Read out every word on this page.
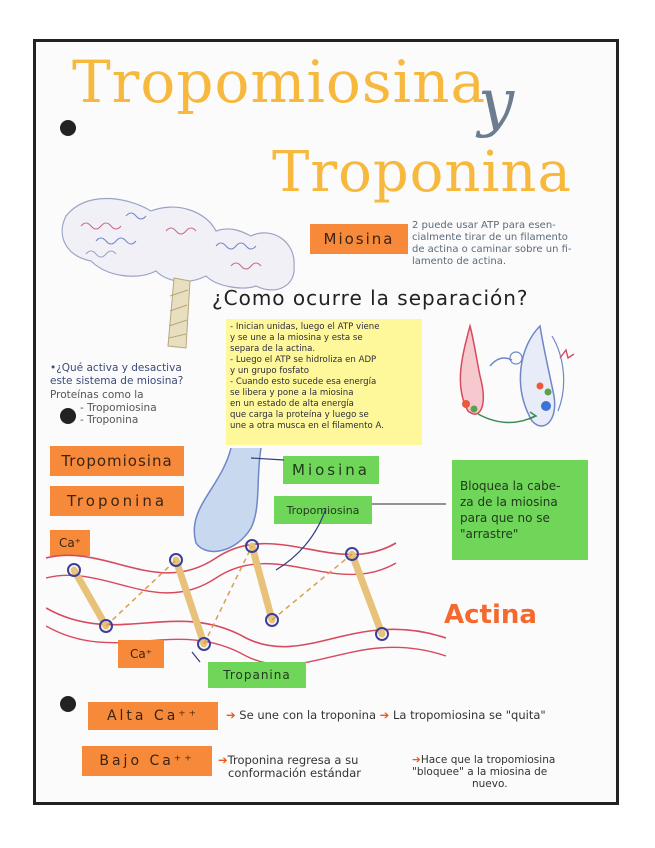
Tropomiosina
y
Troponina
Miosina
2 puede usar ATP para esen-
cialmente tirar de un filamento
de actina o caminar sobre un fi-
lamento de actina.
¿Como ocurre la separación?
- Inician unidas, luego el ATP viene
y se une a la miosina y esta se
separa de la actina.
- Luego el ATP se hidroliza en ADP
y un grupo fosfato
- Cuando esto sucede esa energía
se libera y pone a la miosina
en un estado de alta energía
que carga la proteína y luego se
une a otra musca en el filamento A.
•¿Qué activa y desactiva
este sistema de miosina?
Proteínas como la
- Tropomiosina
- Troponina
Tropomiosina
Troponina
Ca⁺
Miosina
Tropomiosina
Bloquea la cabe-
za de la miosina
para que no se
"arrastre"
Actina
Ca⁺
Tropanina
Alta Ca⁺⁺	➔ Se une con la troponina ➔ La tropomiosina se "quita"
Bajo Ca⁺⁺	➔Troponina regresa a su
conformación estándar
➔Hace que la tropomiosina
"bloquee" a la miosina de
nuevo.
